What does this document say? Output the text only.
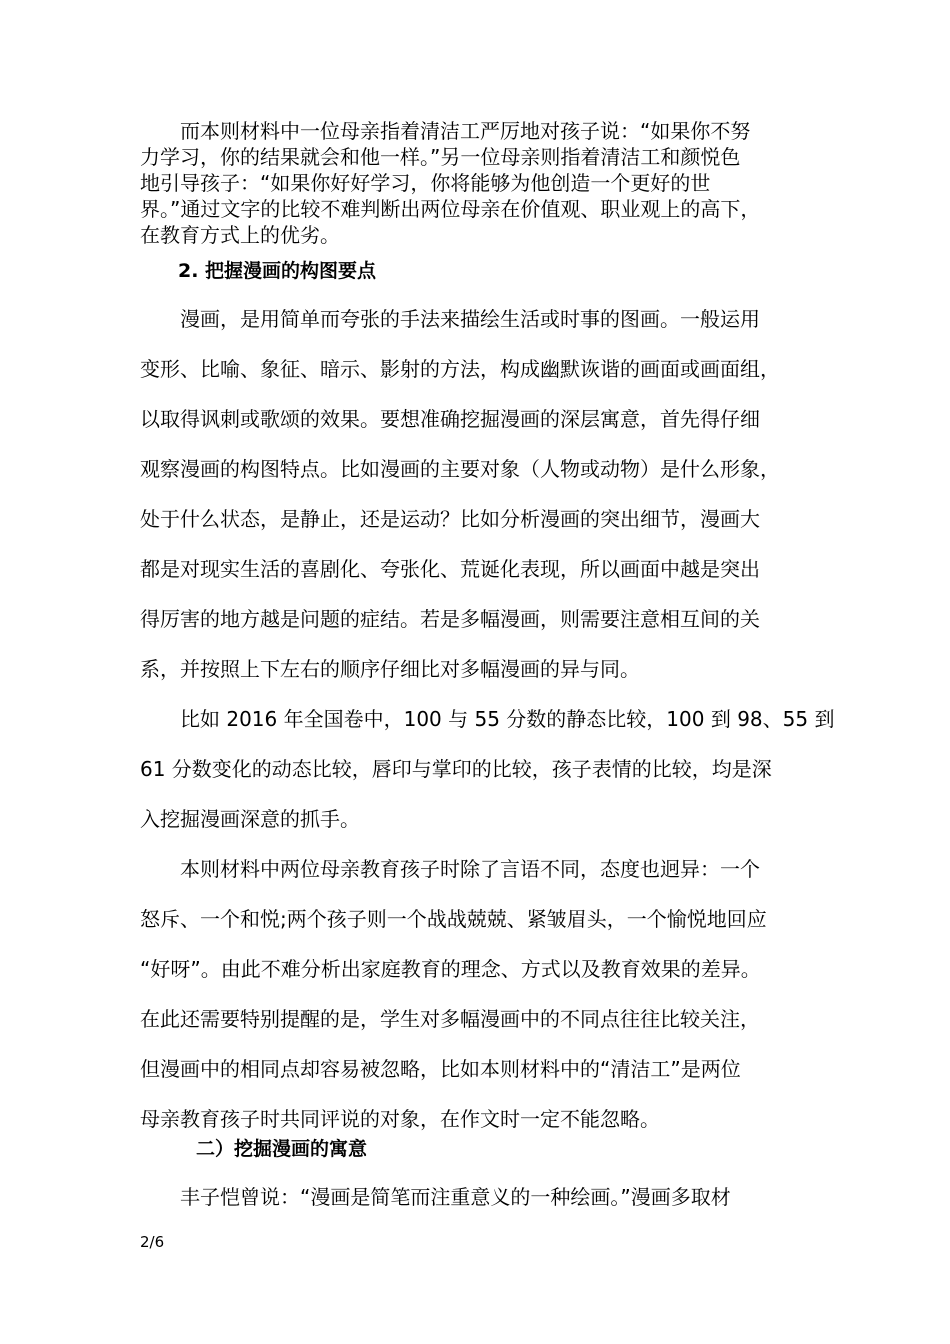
　　而本则材料中一位母亲指着清洁工严厉地对孩子说：“如果你不努
力学习，你的结果就会和他一样。”另一位母亲则指着清洁工和颜悦色
地引导孩子：“如果你好好学习，你将能够为他创造一个更好的世
界。”通过文字的比较不难判断出两位母亲在价值观、职业观上的高下，
在教育方式上的优劣。
2. 把握漫画的构图要点
　　漫画，是用简单而夸张的手法来描绘生活或时事的图画。一般运用
变形、比喻、象征、暗示、影射的方法，构成幽默诙谐的画面或画面组，
以取得讽刺或歌颂的效果。要想准确挖掘漫画的深层寓意，首先得仔细
观察漫画的构图特点。比如漫画的主要对象（人物或动物）是什么形象，
处于什么状态，是静止，还是运动？比如分析漫画的突出细节，漫画大
都是对现实生活的喜剧化、夸张化、荒诞化表现，所以画面中越是突出
得厉害的地方越是问题的症结。若是多幅漫画，则需要注意相互间的关
系，并按照上下左右的顺序仔细比对多幅漫画的异与同。
　　比如 2016 年全国卷中，100 与 55 分数的静态比较，100 到 98、55 到
61 分数变化的动态比较，唇印与掌印的比较，孩子表情的比较，均是深
入挖掘漫画深意的抓手。
　　本则材料中两位母亲教育孩子时除了言语不同，态度也迥异：一个
怒斥、一个和悦;两个孩子则一个战战兢兢、紧皱眉头，一个愉悦地回应
“好呀”。由此不难分析出家庭教育的理念、方式以及教育效果的差异。
在此还需要特别提醒的是，学生对多幅漫画中的不同点往往比较关注，
但漫画中的相同点却容易被忽略，比如本则材料中的“清洁工”是两位
母亲教育孩子时共同评说的对象，在作文时一定不能忽略。
二）挖掘漫画的寓意
　　丰子恺曾说：“漫画是简笔而注重意义的一种绘画。”漫画多取材
2/6
